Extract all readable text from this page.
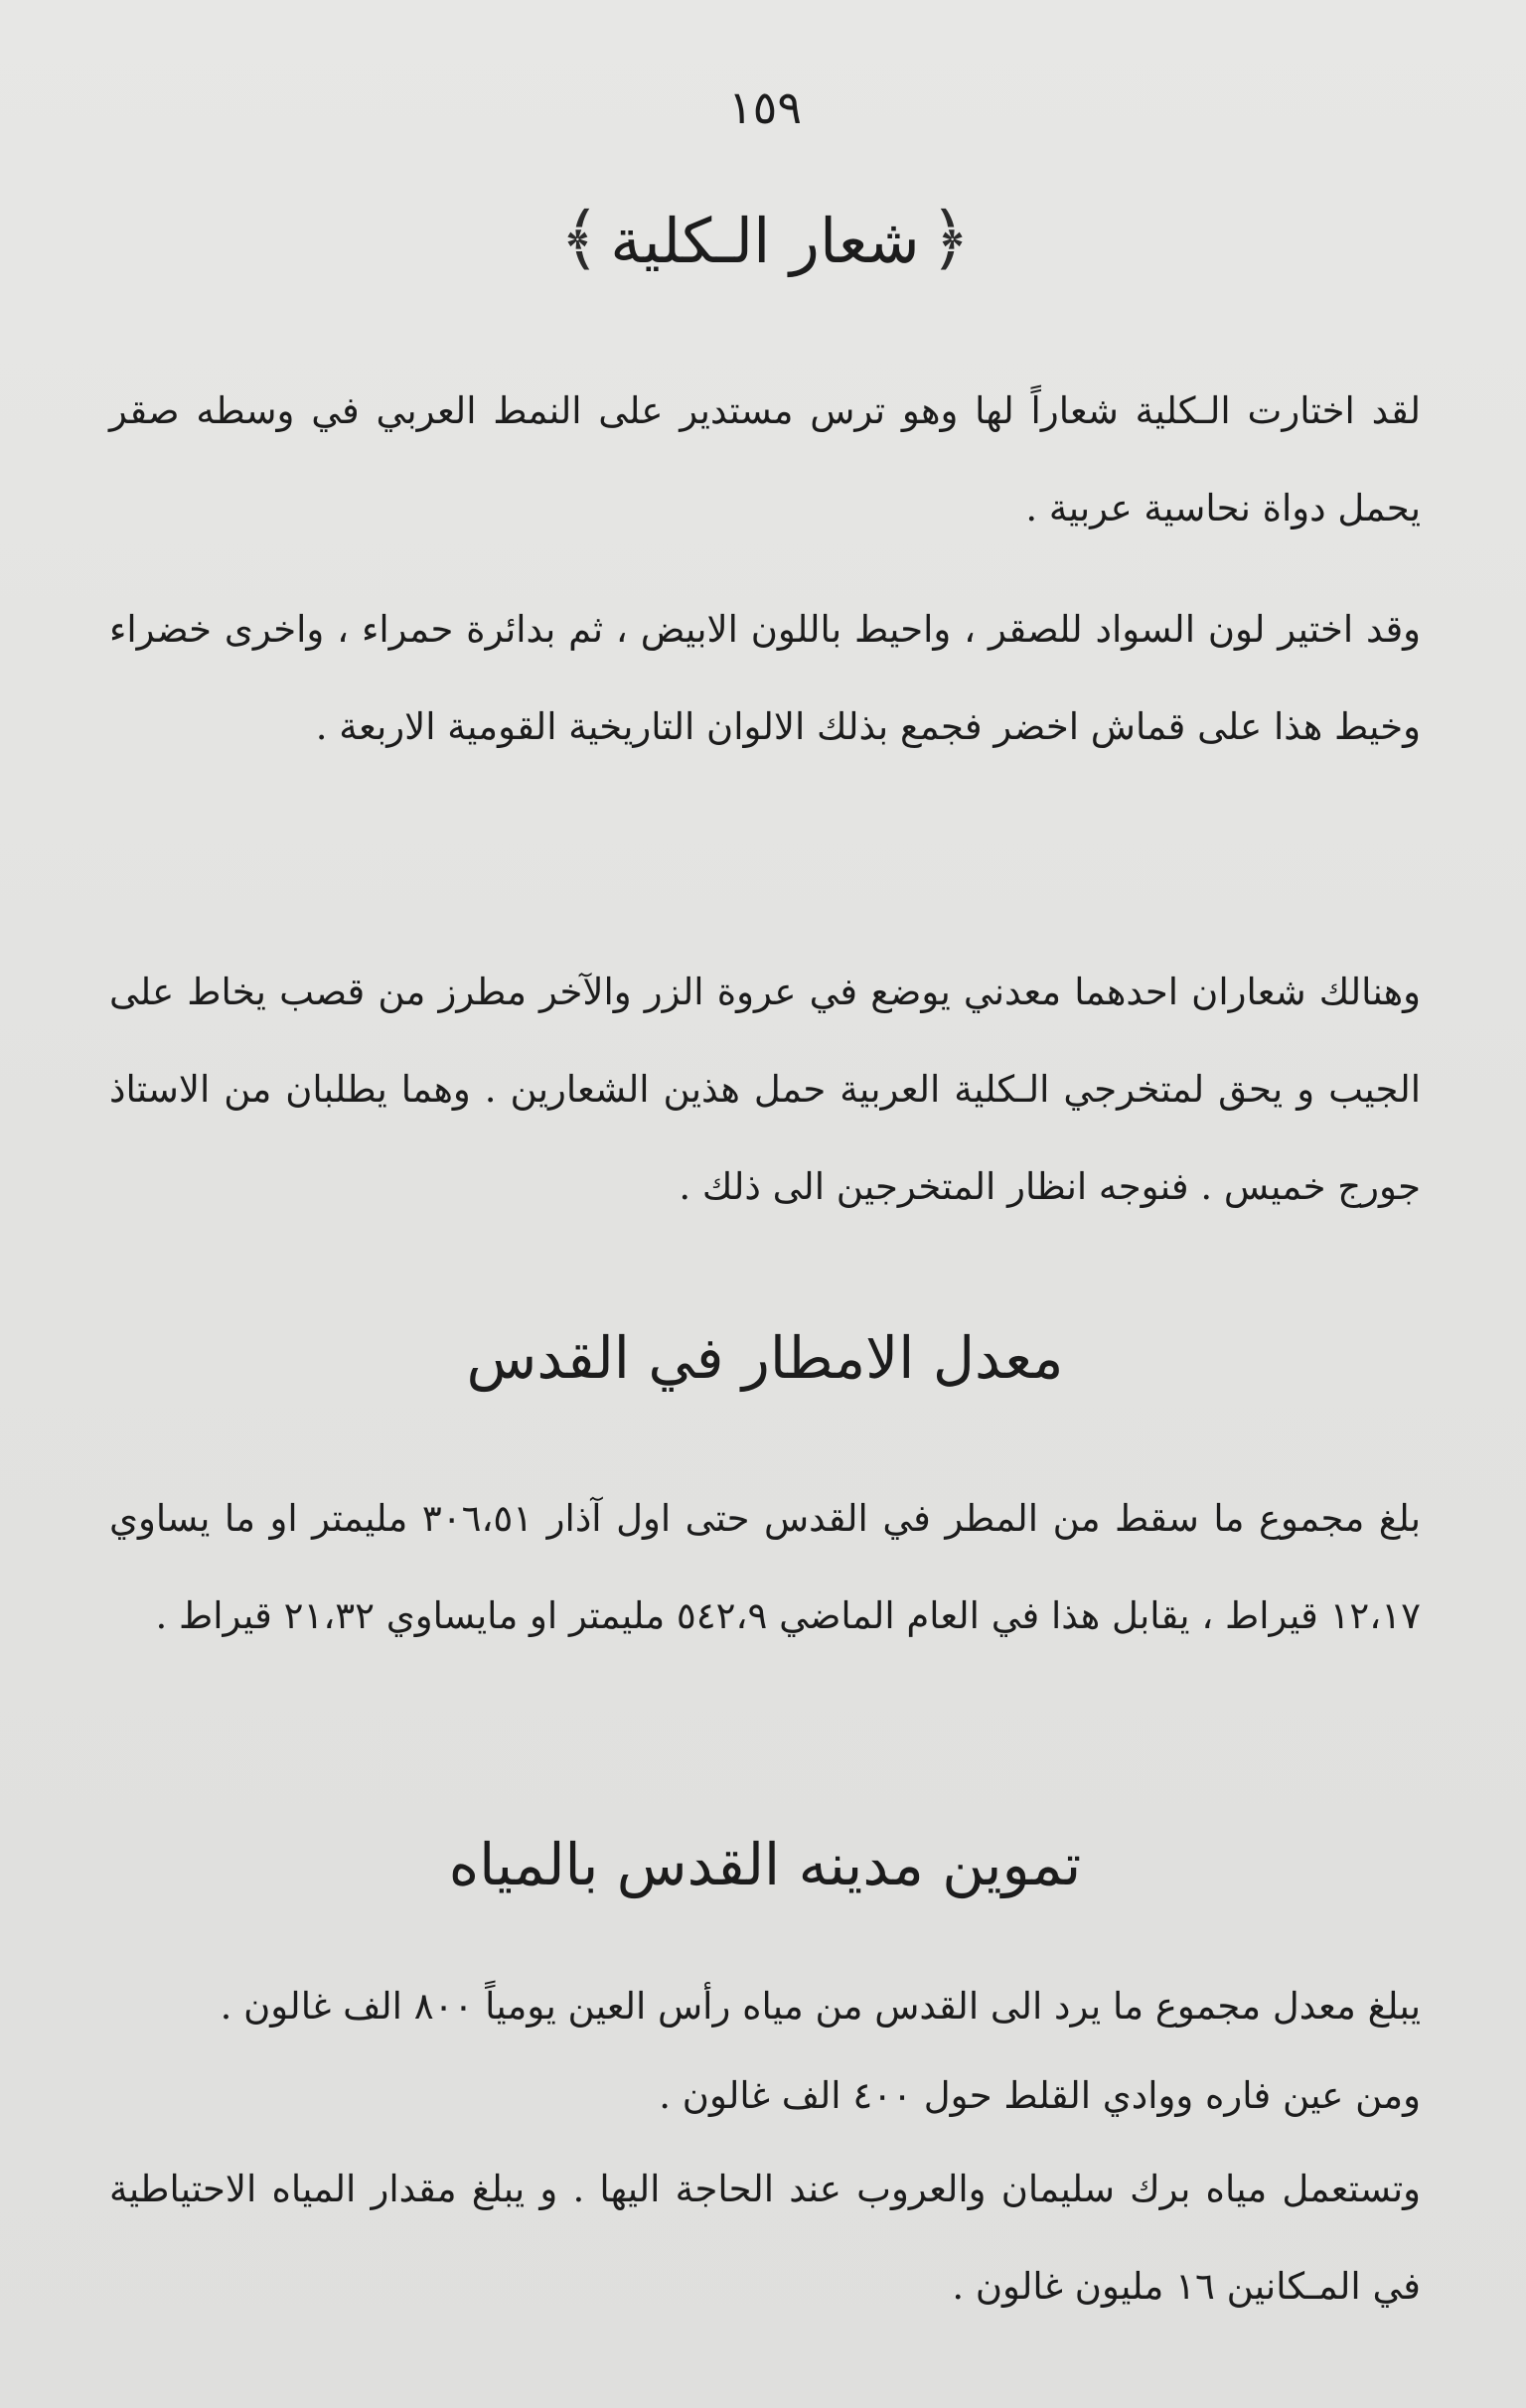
١٥٩
﴿شعار الـكلية﴾

لقد اختارت الـكلية شعاراً لها وهو ترس مستدير على النمط العربي في وسطه صقر يحمل دواة نحاسية عربية .

وقد اختير لون السواد للصقر ، واحيط باللون الابيض ، ثم بدائرة حمراء ، واخرى خضراء وخيط هذا على قماش اخضر فجمع بذلك الالوان التاريخية القومية الاربعة .

وهنالك شعاران احدهما معدني يوضع في عروة الزر والآخر مطرز من قصب يخاط على الجيب و يحق لمتخرجي الـكلية العربية حمل هذين الشعارين . وهما يطلبان من الاستاذ جورج خميس . فنوجه انظار المتخرجين الى ذلك .

معدل الامطار في القدس

بلغ مجموع ما سقط من المطر في القدس حتى اول آذار ٣٠٦،٥١ مليمتر او ما يساوي ١٢،١٧ قيراط ، يقابل هذا في العام الماضي ٥٤٢،٩ مليمتر او مايساوي ٢١،٣٢ قيراط .

تموين مدينه القدس بالمياه

يبلغ معدل مجموع ما يرد الى القدس من مياه رأس العين يومياً ٨٠٠ الف غالون .

ومن عين فاره ووادي القلط حول ٤٠٠ الف غالون .

وتستعمل مياه برك سليمان والعروب عند الحاجة اليها . و يبلغ مقدار المياه الاحتياطية في المـكانين ١٦ مليون غالون .
